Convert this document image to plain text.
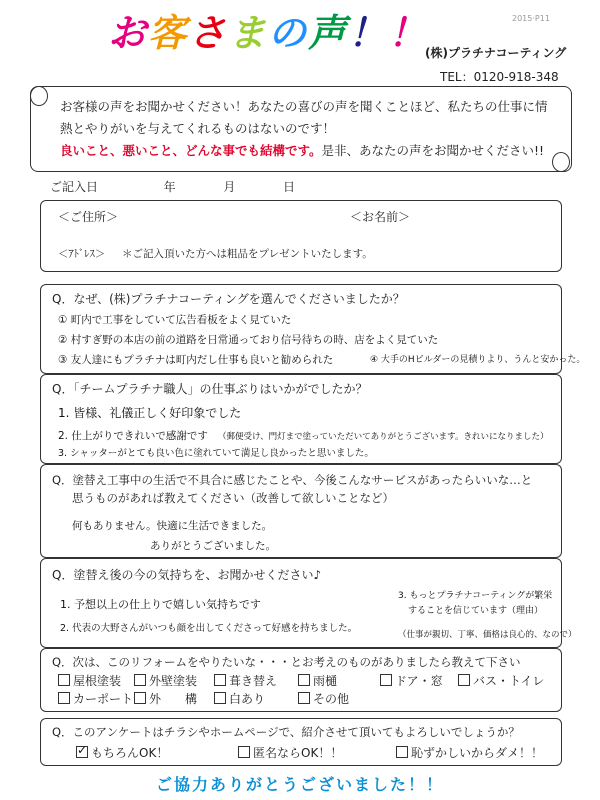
お客さまの声！！	2015·P11
(株)プラチナコーティング
TEL：0120-918-348
お客様の声をお聞かせください！あなたの喜びの声を聞くことほど、私たちの仕事に情
熱とやりがいを与えてくれるものはないのです！
良いこと、悪いこと、どんな事でも結構です。是非、あなたの声をお聞かせください!!
ご記入日	年	月	日
＜ご住所＞	＜お名前＞
＜ｱﾄﾞﾚｽ＞ ＊ご記入頂いた方へは粗品をプレゼントいたします。
Q．なぜ、(株)プラチナコーティングを選んでくださいましたか？
① 町内で工事をしていて広告看板をよく見ていた
② 村すぎ野の本店の前の道路を日常通っており信号待ちの時、店をよく見ていた
③ 友人達にもプラチナは町内だし仕事も良いと勧められた	④ 大手のHビルダーの見積りより、うんと安かった。
Q．「チームプラチナ職人」の仕事ぶりはいかがでしたか？
1. 皆様、礼儀正しく好印象でした
2. 仕上がりできれいで感謝です （郵便受け、門灯まで塗っていただいてありがとうございます。きれいになりました）
3. シャッターがとても良い色に塗れていて満足し良かったと思いました。
Q．塗替え工事中の生活で不具合に感じたことや、今後こんなサービスがあったらいいな…と
思うものがあれば教えてください（改善して欲しいことなど）
何もありません。快適に生活できました。
ありがとうございました。
Q．塗替え後の今の気持ちを、お聞かせください♪
1. 予想以上の仕上りで嬉しい気持ちです
2. 代表の大野さんがいつも顔を出してくださって好感を持ちました。
3. もっとプラチナコーティングが繁栄
することを信じています（理由）
（仕事が親切、丁寧、価格は良心的、なので）
Q．次は、このリフォームをやりたいな・・・とお考えのものがありましたら教えて下さい
屋根塗装	外壁塗装	葺き替え	雨樋	ドア・窓	バス・トイレ
カーポート	外　　構	白あり	その他
Q．このアンケートはチラシやホームページで、紹介させて頂いてもよろしいでしょうか？
✓ もちろんOK！	匿名ならOK！！	恥ずかしいからダメ！！
ご協力ありがとうございました！！
